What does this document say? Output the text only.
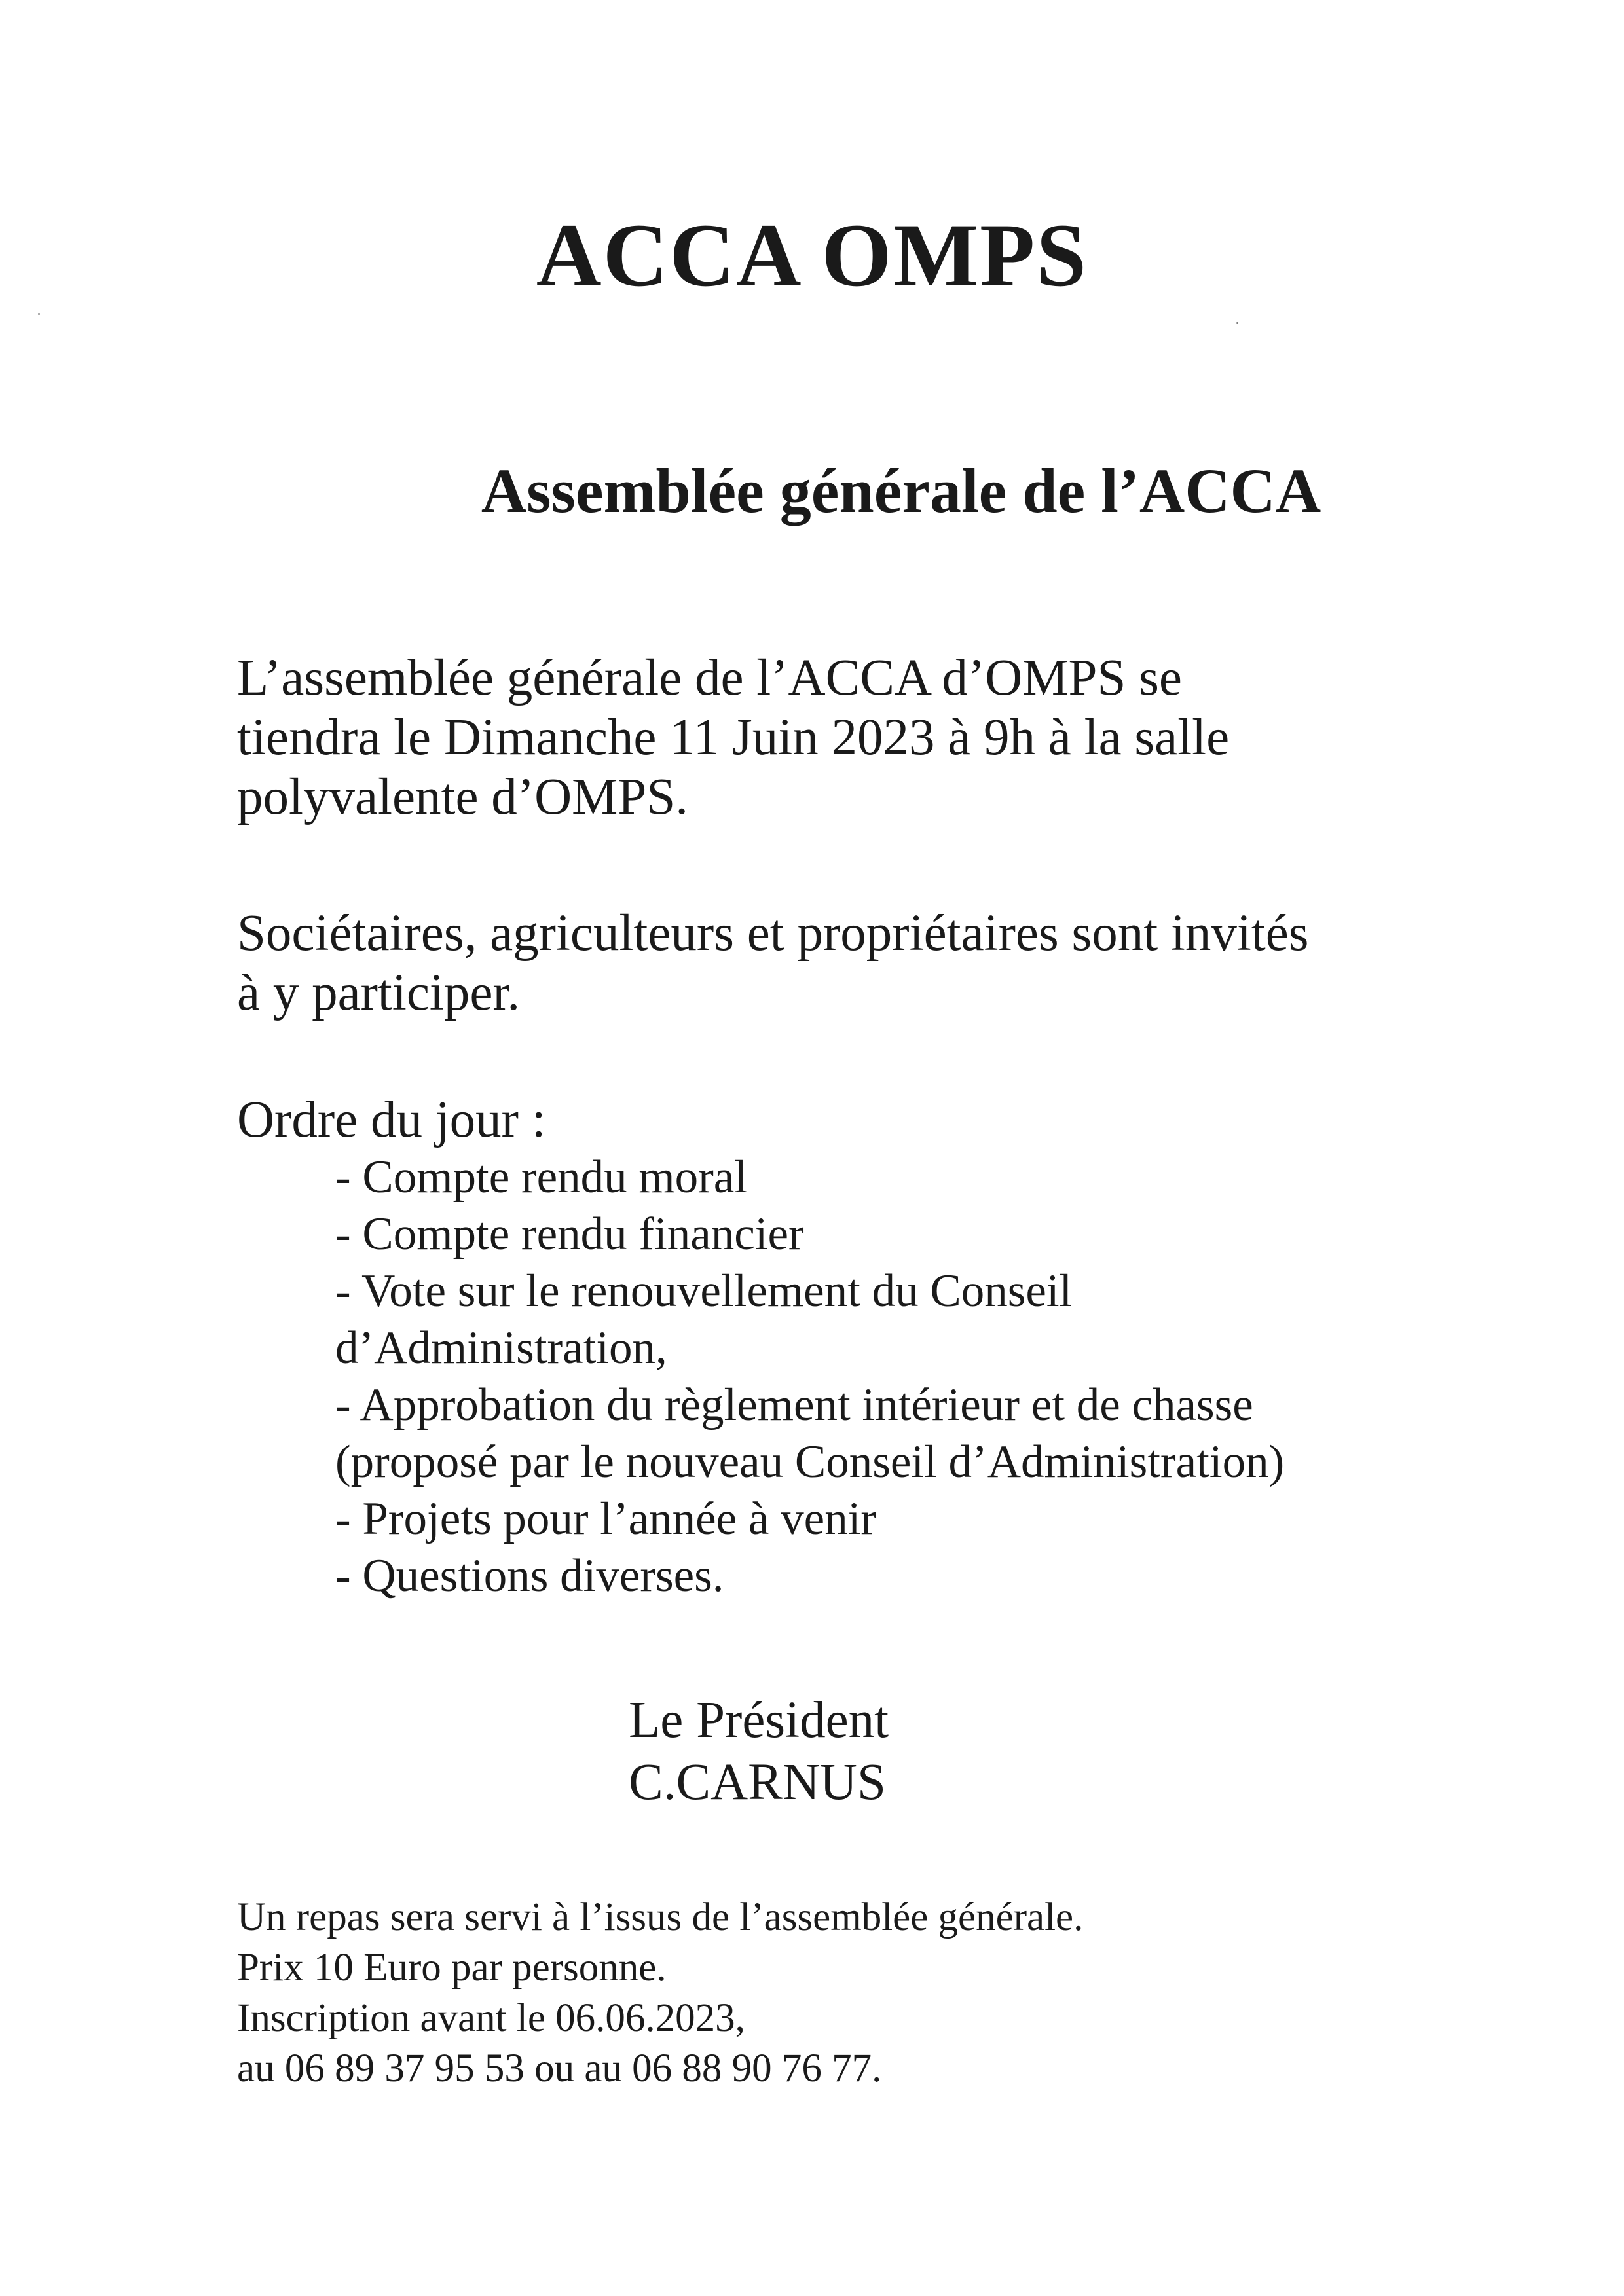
ACCA OMPS
Assemblée générale de l’ACCA

L’assemblée générale de l’ACCA d’OMPS se
tiendra le Dimanche 11 Juin 2023 à 9h à la salle
polyvalente d’OMPS.

Sociétaires, agriculteurs et propriétaires sont invités
à y participer.

Ordre du jour :

- Compte rendu moral
- Compte rendu financier
- Vote sur le renouvellement du Conseil
d’Administration,
- Approbation du règlement intérieur et de chasse
(proposé par le nouveau Conseil d’Administration)
- Projets pour l’année à venir
- Questions diverses.

Le Président
C.CARNUS

Un repas sera servi à l’issus de l’assemblée générale.
Prix 10 Euro par personne.
Inscription avant le 06.06.2023,
au 06 89 37 95 53 ou au 06 88 90 76 77.
